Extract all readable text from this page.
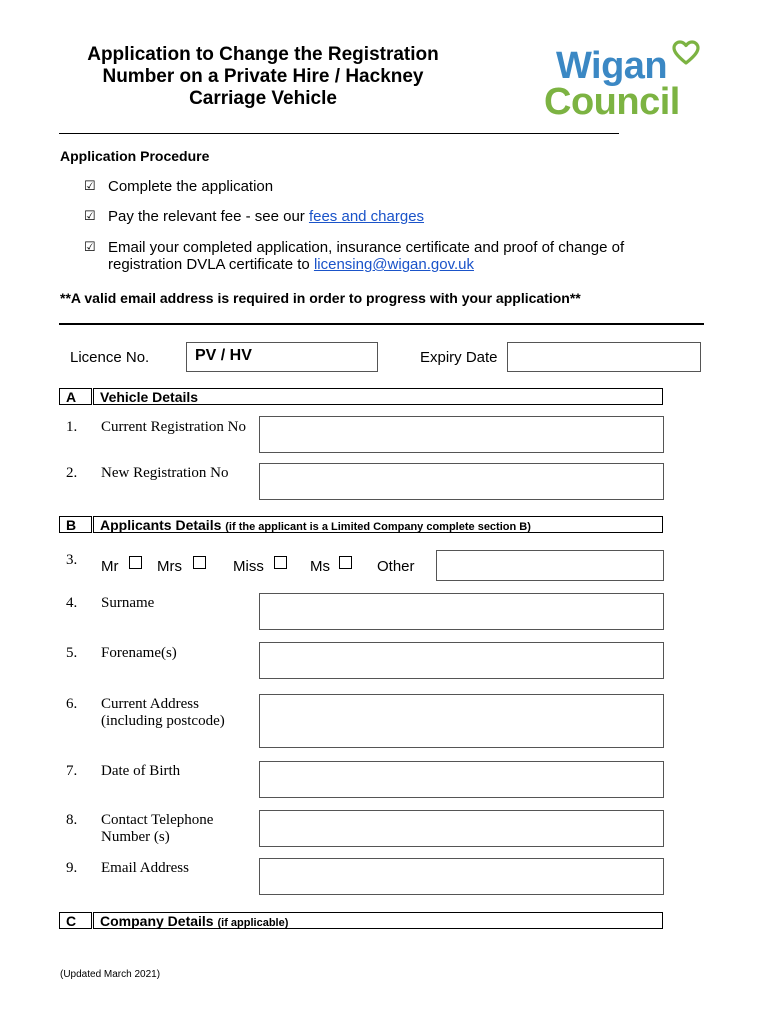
Application to Change the Registration
Number on a Private Hire / Hackney
Carriage Vehicle
Wigan
Council
Application Procedure
☑ Complete the application
☑ Pay the relevant fee - see our fees and charges
☑ Email your completed application, insurance certificate and proof of change of
registration DVLA certificate to licensing@wigan.gov.uk
**A valid email address is required in order to progress with your application**
Licence No.	PV / HV	Expiry Date
A	Vehicle Details
1. Current Registration No
2. New Registration No
B	Applicants Details (if the applicant is a Limited Company complete section B)
3. Mr	Mrs	Miss	Ms	Other
4. Surname
5. Forename(s)
6. Current Address
(including postcode)
7. Date of Birth
8. Contact Telephone
Number (s)
9. Email Address
C	Company Details (if applicable)
(Updated March 2021)
